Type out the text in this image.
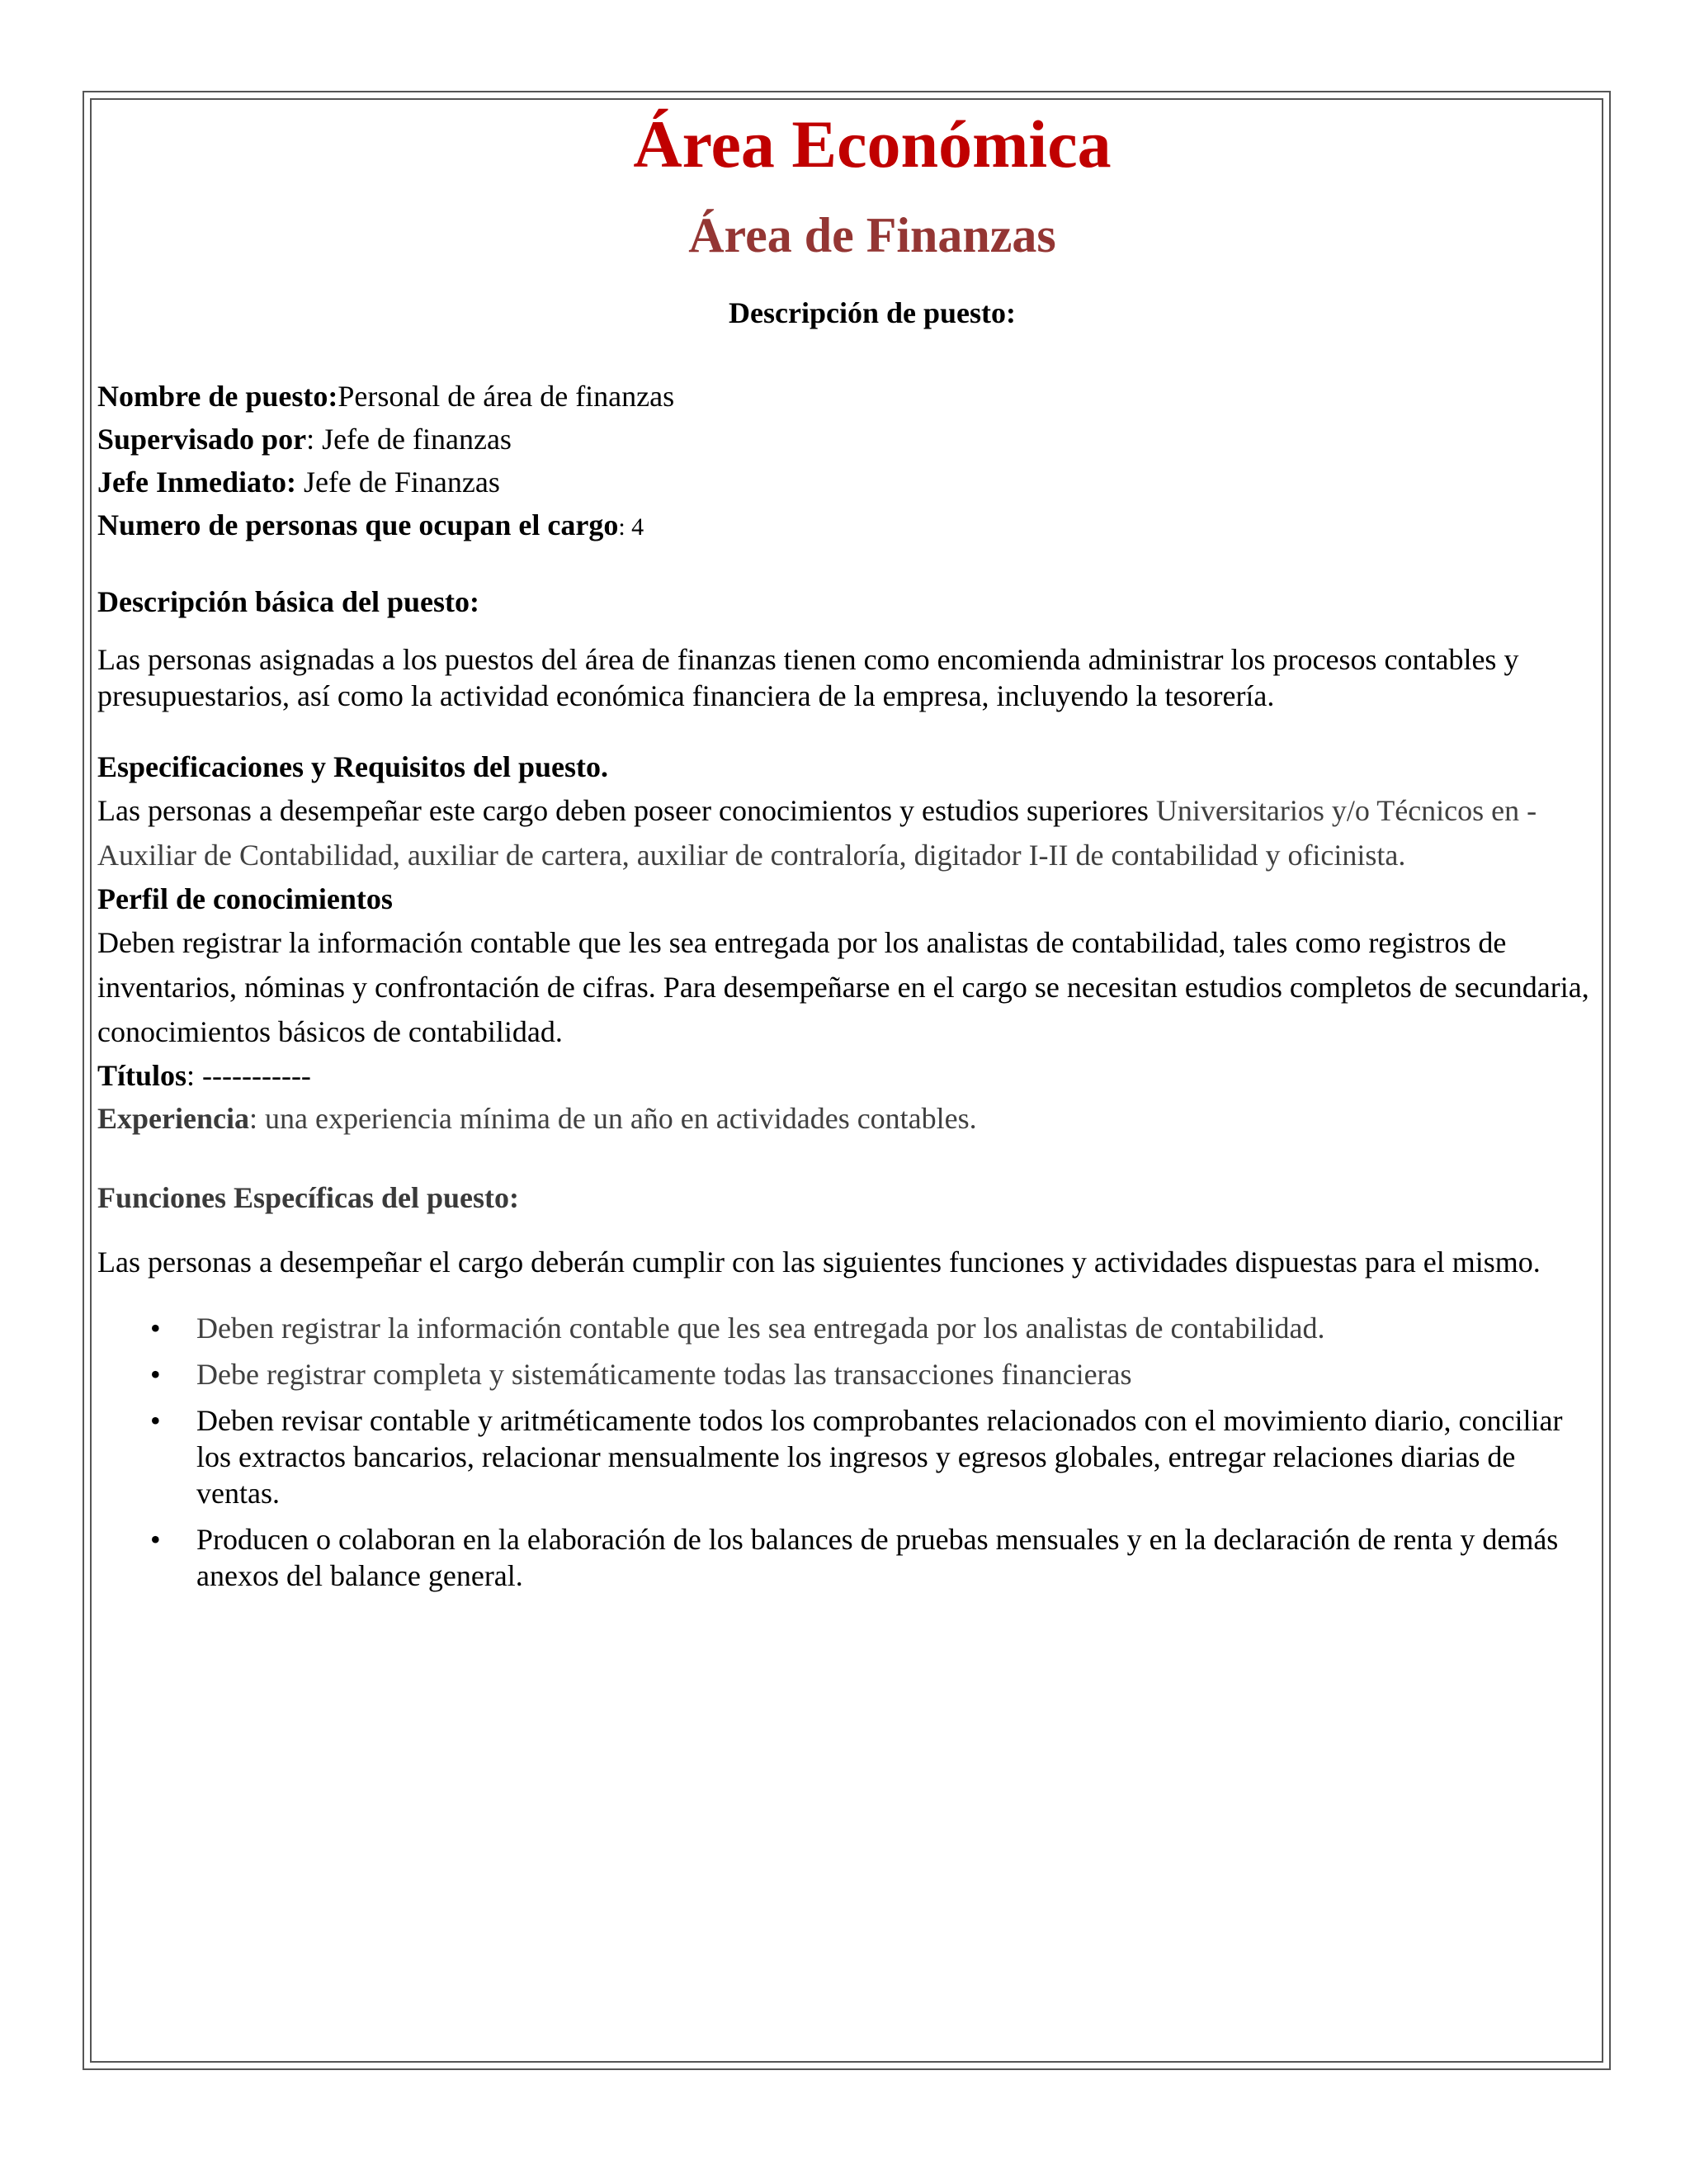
Área Económica
Área de Finanzas
Descripción de puesto:

Nombre de puesto:Personal de área de finanzas

Supervisado por: Jefe de finanzas

Jefe Inmediato: Jefe de Finanzas

Numero de personas que ocupan el cargo: 4

Descripción básica del puesto:

Las personas asignadas a los puestos del área de finanzas tienen como encomienda administrar los procesos contables y presupuestarios, así como la actividad económica financiera de la empresa, incluyendo la tesorería.

Especificaciones y Requisitos del puesto.

Las personas a desempeñar este cargo deben poseer conocimientos y estudios superiores Universitarios y/o Técnicos en -Auxiliar de Contabilidad, auxiliar de cartera, auxiliar de contraloría, digitador I-II de contabilidad y oficinista.

Perfil de conocimientos

Deben registrar la información contable que les sea entregada por los analistas de contabilidad, tales como registros de inventarios, nóminas y confrontación de cifras. Para desempeñarse en el cargo se necesitan estudios completos de secundaria, conocimientos básicos de contabilidad.

Títulos: -----------

Experiencia: una experiencia mínima de un año en actividades contables.

Funciones Específicas del puesto:

Las personas a desempeñar el cargo deberán cumplir con las siguientes funciones y actividades dispuestas para el mismo.

• Deben registrar la información contable que les sea entregada por los analistas de contabilidad.
• Debe registrar completa y sistemáticamente todas las transacciones financieras
• Deben revisar contable y aritméticamente todos los comprobantes relacionados con el movimiento diario, conciliar los extractos bancarios, relacionar mensualmente los ingresos y egresos globales, entregar relaciones diarias de ventas.
• Producen o colaboran en la elaboración de los balances de pruebas mensuales y en la declaración de renta y demás anexos del balance general.
